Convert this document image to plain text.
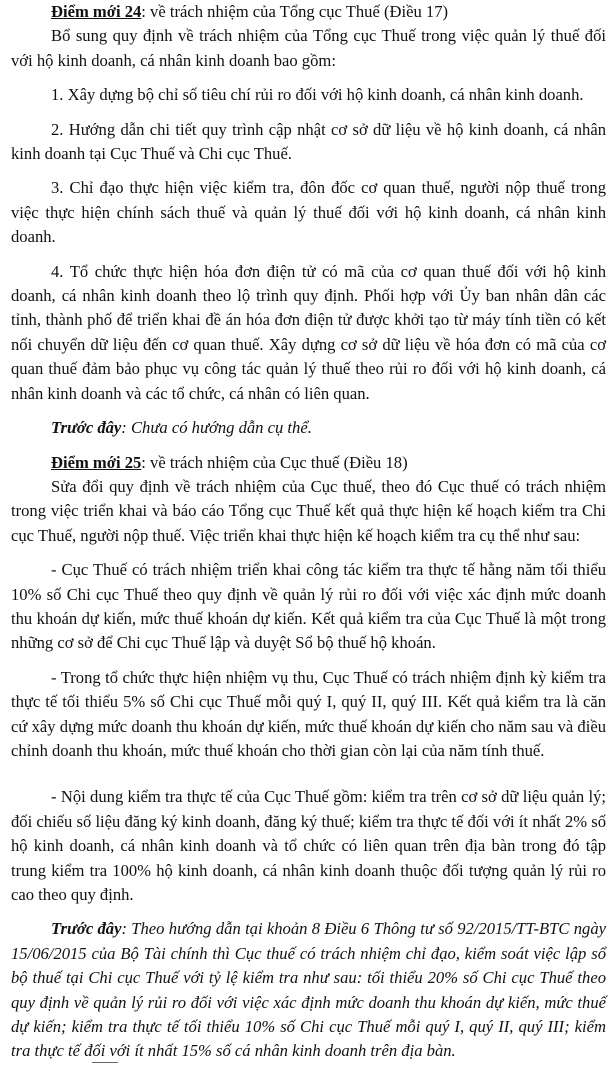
Điểm mới 24: về trách nhiệm của Tổng cục Thuế (Điều 17)

Bổ sung quy định về trách nhiệm của Tổng cục Thuế trong việc quản lý thuế đối với hộ kinh doanh, cá nhân kinh doanh bao gồm:

1. Xây dựng bộ chỉ số tiêu chí rủi ro đối với hộ kinh doanh, cá nhân kinh doanh.

2. Hướng dẫn chi tiết quy trình cập nhật cơ sở dữ liệu về hộ kinh doanh, cá nhân kinh doanh tại Cục Thuế và Chi cục Thuế.

3. Chỉ đạo thực hiện việc kiểm tra, đôn đốc cơ quan thuế, người nộp thuế trong việc thực hiện chính sách thuế và quản lý thuế đối với hộ kinh doanh, cá nhân kinh doanh.

4. Tổ chức thực hiện hóa đơn điện tử có mã của cơ quan thuế đối với hộ kinh doanh, cá nhân kinh doanh theo lộ trình quy định. Phối hợp với Ủy ban nhân dân các tỉnh, thành phố để triển khai đề án hóa đơn điện tử được khởi tạo từ máy tính tiền có kết nối chuyển dữ liệu đến cơ quan thuế. Xây dựng cơ sở dữ liệu về hóa đơn có mã của cơ quan thuế đảm bảo phục vụ công tác quản lý thuế theo rủi ro đối với hộ kinh doanh, cá nhân kinh doanh và các tổ chức, cá nhân có liên quan.

Trước đây: Chưa có hướng dẫn cụ thể.

Điểm mới 25: về trách nhiệm của Cục thuế (Điều 18)

Sửa đổi quy định về trách nhiệm của Cục thuế, theo đó Cục thuế có trách nhiệm trong việc triển khai và báo cáo Tổng cục Thuế kết quả thực hiện kế hoạch kiểm tra Chi cục Thuế, người nộp thuế. Việc triển khai thực hiện kế hoạch kiểm tra cụ thể như sau:

- Cục Thuế có trách nhiệm triển khai công tác kiểm tra thực tế hằng năm tối thiểu 10% số Chi cục Thuế theo quy định về quản lý rủi ro đối với việc xác định mức doanh thu khoán dự kiến, mức thuế khoán dự kiến. Kết quả kiểm tra của Cục Thuế là một trong những cơ sở để Chi cục Thuế lập và duyệt Sổ bộ thuế hộ khoán.

- Trong tổ chức thực hiện nhiệm vụ thu, Cục Thuế có trách nhiệm định kỳ kiểm tra thực tế tối thiểu 5% số Chi cục Thuế mỗi quý I, quý II, quý III. Kết quả kiểm tra là căn cứ xây dựng mức doanh thu khoán dự kiến, mức thuế khoán dự kiến cho năm sau và điều chỉnh doanh thu khoán, mức thuế khoán cho thời gian còn lại của năm tính thuế.

- Nội dung kiểm tra thực tế của Cục Thuế gồm: kiểm tra trên cơ sở dữ liệu quản lý; đối chiếu số liệu đăng ký kinh doanh, đăng ký thuế; kiểm tra thực tế đối với ít nhất 2% số hộ kinh doanh, cá nhân kinh doanh và tổ chức có liên quan trên địa bàn trong đó tập trung kiểm tra 100% hộ kinh doanh, cá nhân kinh doanh thuộc đối tượng quản lý rủi ro cao theo quy định.

Trước đây: Theo hướng dẫn tại khoản 8 Điều 6 Thông tư số 92/2015/TT-BTC ngày 15/06/2015 của Bộ Tài chính thì Cục thuế có trách nhiệm chỉ đạo, kiểm soát việc lập sổ bộ thuế tại Chi cục Thuế với tỷ lệ kiểm tra như sau: tối thiểu 20% số Chi cục Thuế theo quy định về quản lý rủi ro đối với việc xác định mức doanh thu khoán dự kiến, mức thuế dự kiến; kiểm tra thực tế tối thiểu 10% số Chi cục Thuế mỗi quý I, quý II, quý III; kiểm tra thực tế đối với ít nhất 15% số cá nhân kinh doanh trên địa bàn.
